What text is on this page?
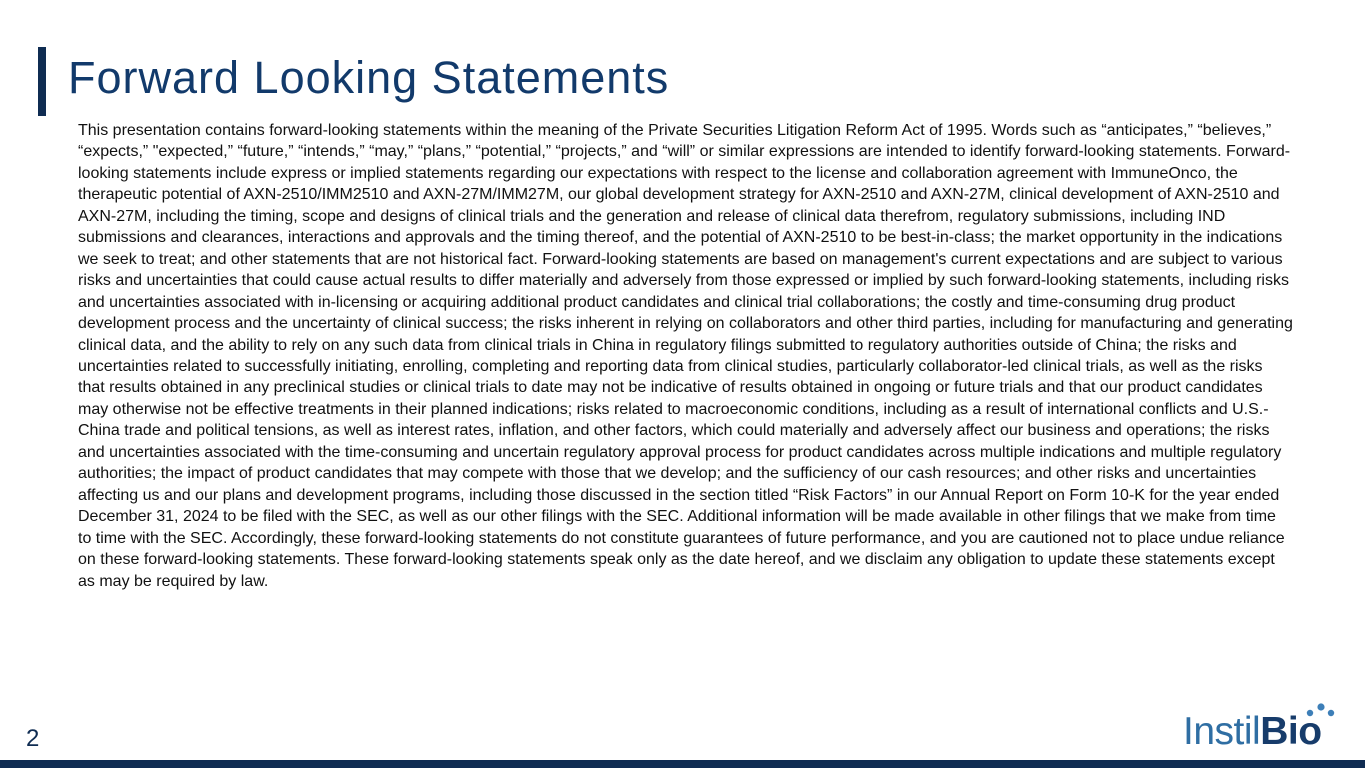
Forward Looking Statements

This presentation contains forward-looking statements within the meaning of the Private Securities Litigation Reform Act of 1995. Words such as “anticipates,” “believes,” “expects,” "expected,” “future,” “intends,” “may,” “plans,” “potential,” “projects,” and “will” or similar expressions are intended to identify forward-looking statements. Forward-looking statements include express or implied statements regarding our expectations with respect to the license and collaboration agreement with ImmuneOnco, the therapeutic potential of AXN-2510/IMM2510 and AXN-27M/IMM27M, our global development strategy for AXN-2510 and AXN-27M, clinical development of AXN-2510 and AXN-27M, including the timing, scope and designs of clinical trials and the generation and release of clinical data therefrom, regulatory submissions, including IND submissions and clearances, interactions and approvals and the timing thereof, and the potential of AXN-2510 to be best-in-class; the market opportunity in the indications we seek to treat; and other statements that are not historical fact. Forward-looking statements are based on management's current expectations and are subject to various risks and uncertainties that could cause actual results to differ materially and adversely from those expressed or implied by such forward-looking statements, including risks and uncertainties associated with in-licensing or acquiring additional product candidates and clinical trial collaborations; the costly and time-consuming drug product development process and the uncertainty of clinical success; the risks inherent in relying on collaborators and other third parties, including for manufacturing and generating clinical data, and the ability to rely on any such data from clinical trials in China in regulatory filings submitted to regulatory authorities outside of China; the risks and uncertainties related to successfully initiating, enrolling, completing and reporting data from clinical studies, particularly collaborator-led clinical trials, as well as the risks that results obtained in any preclinical studies or clinical trials to date may not be indicative of results obtained in ongoing or future trials and that our product candidates may otherwise not be effective treatments in their planned indications; risks related to macroeconomic conditions, including as a result of international conflicts and U.S.-China trade and political tensions, as well as interest rates, inflation, and other factors, which could materially and adversely affect our business and operations; the risks and uncertainties associated with the time-consuming and uncertain regulatory approval process for product candidates across multiple indications and multiple regulatory authorities; the impact of product candidates that may compete with those that we develop; and the sufficiency of our cash resources; and other risks and uncertainties affecting us and our plans and development programs, including those discussed in the section titled “Risk Factors” in our Annual Report on Form 10-K for the year ended December 31, 2024 to be filed with the SEC, as well as our other filings with the SEC. Additional information will be made available in other filings that we make from time to time with the SEC. Accordingly, these forward-looking statements do not constitute guarantees of future performance, and you are cautioned not to place undue reliance on these forward-looking statements. These forward-looking statements speak only as the date hereof, and we disclaim any obligation to update these statements except as may be required by law.

2	InstilBio
